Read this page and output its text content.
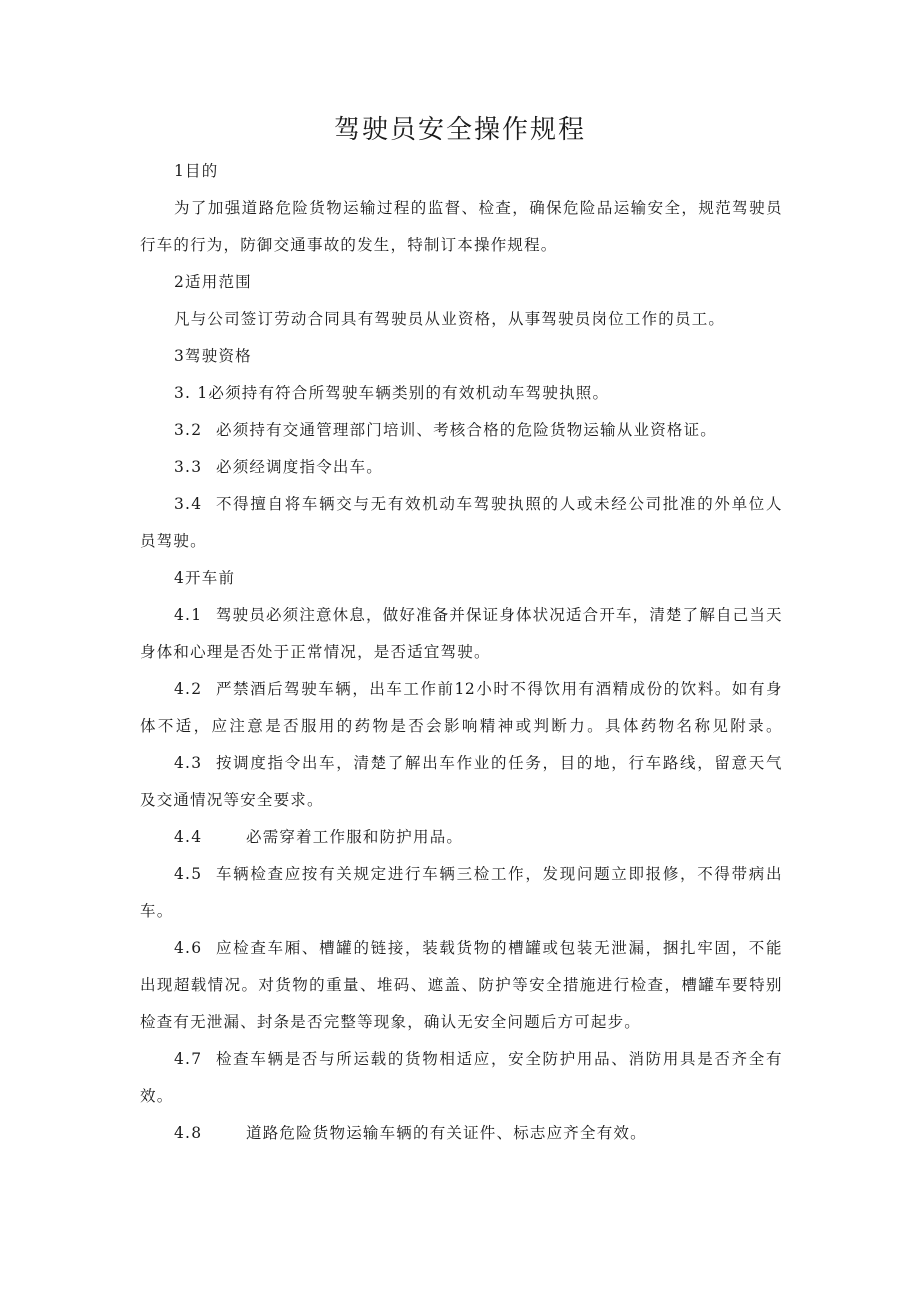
驾驶员安全操作规程
1目的
为了加强道路危险货物运输过程的监督、检查，确保危险品运输安全，规范驾驶员
行车的行为，防御交通事故的发生，特制订本操作规程。
2适用范围
凡与公司签订劳动合同具有驾驶员从业资格，从事驾驶员岗位工作的员工。
3驾驶资格
3. 1必须持有符合所驾驶车辆类别的有效机动车驾驶执照。
3.2 必须持有交通管理部门培训、考核合格的危险货物运输从业资格证。
3.3 必须经调度指令出车。
3.4 不得擅自将车辆交与无有效机动车驾驶执照的人或未经公司批准的外单位人
员驾驶。
4开车前
4.1 驾驶员必须注意休息，做好准备并保证身体状况适合开车，清楚了解自己当天
身体和心理是否处于正常情况，是否适宜驾驶。
4.2 严禁酒后驾驶车辆，出车工作前12小时不得饮用有酒精成份的饮料。如有身
体不适，应注意是否服用的药物是否会影响精神或判断力。具体药物名称见附录。
4.3 按调度指令出车，清楚了解出车作业的任务，目的地，行车路线，留意天气
及交通情况等安全要求。
4.4	必需穿着工作服和防护用品。
4.5 车辆检查应按有关规定进行车辆三检工作，发现问题立即报修，不得带病出
车。
4.6 应检查车厢、槽罐的链接，装载货物的槽罐或包装无泄漏，捆扎牢固，不能
出现超载情况。对货物的重量、堆码、遮盖、防护等安全措施进行检查，槽罐车要特别
检查有无泄漏、封条是否完整等现象，确认无安全问题后方可起步。
4.7 检查车辆是否与所运载的货物相适应，安全防护用品、消防用具是否齐全有
效。
4.8	道路危险货物运输车辆的有关证件、标志应齐全有效。
